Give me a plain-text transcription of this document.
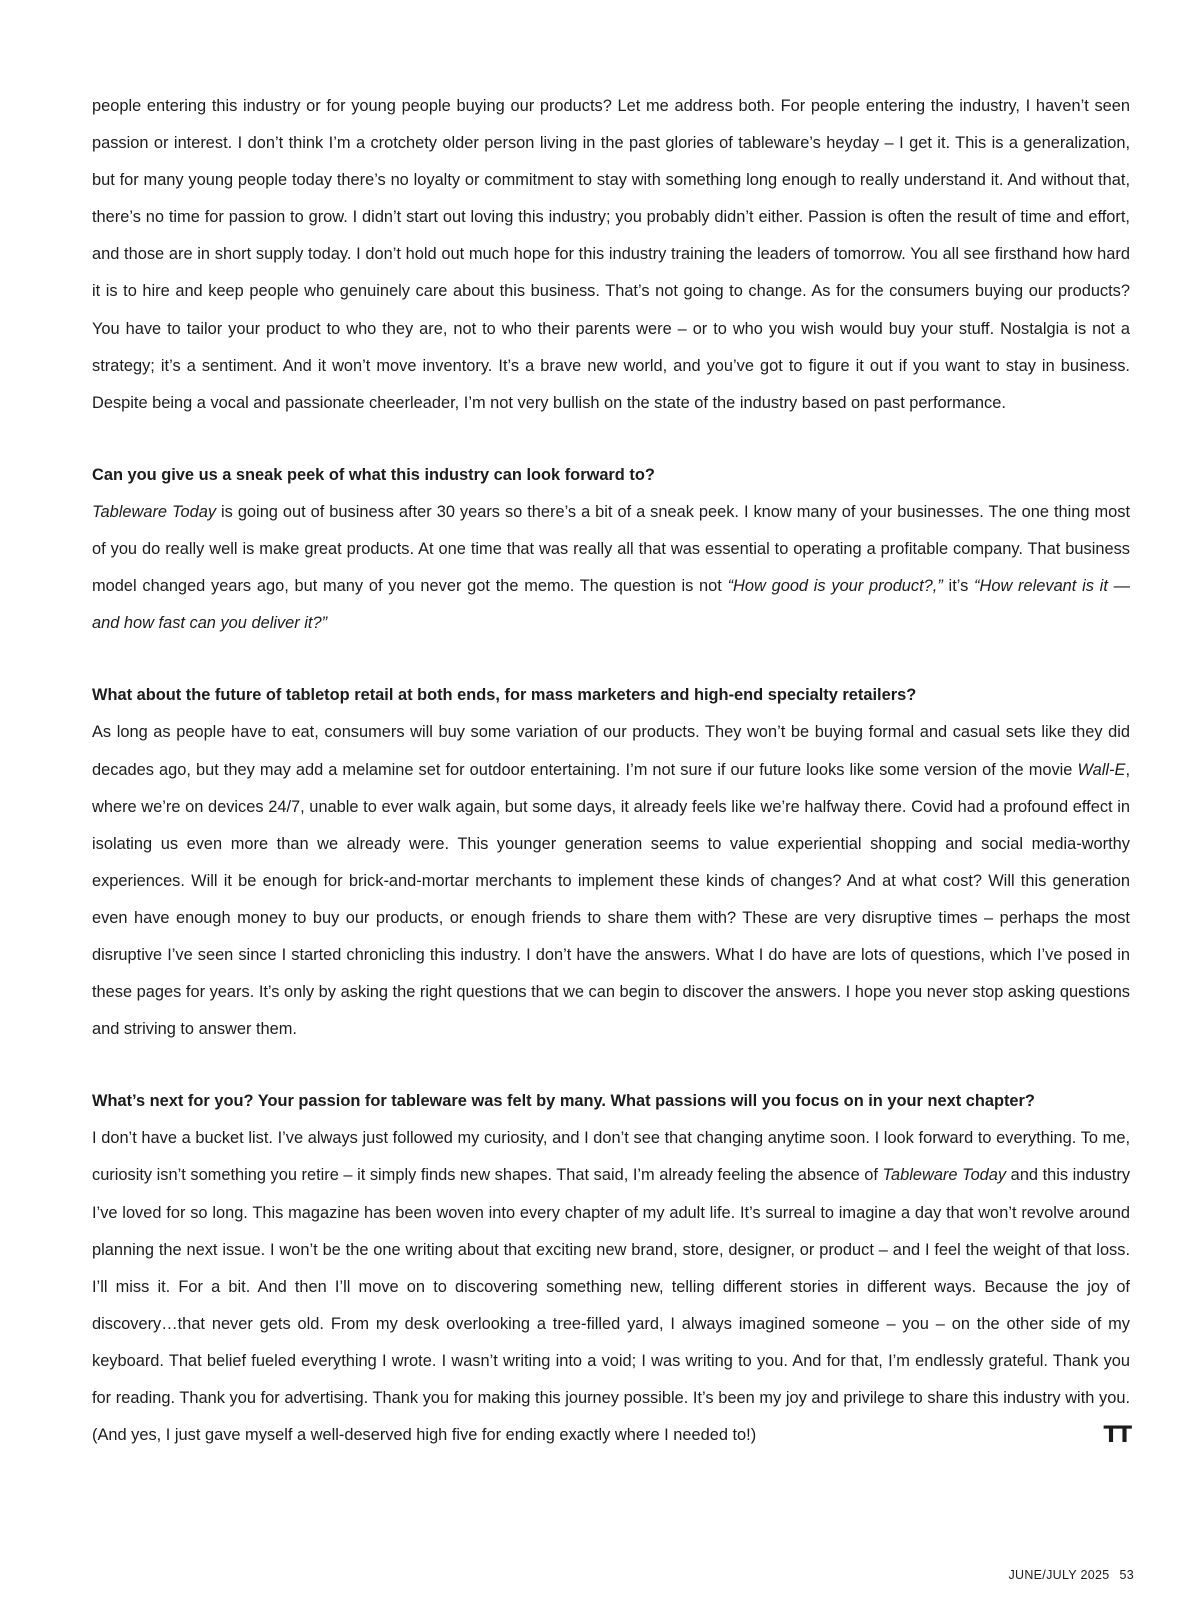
people entering this industry or for young people buying our products? Let me address both. For people entering the industry, I haven’t seen passion or interest. I don’t think I’m a crotchety older person living in the past glories of tableware’s heyday – I get it. This is a generalization, but for many young people today there’s no loyalty or commitment to stay with something long enough to really understand it. And without that, there’s no time for passion to grow. I didn’t start out loving this industry; you probably didn’t either. Passion is often the result of time and effort, and those are in short supply today. I don’t hold out much hope for this industry training the leaders of tomorrow. You all see firsthand how hard it is to hire and keep people who genuinely care about this business. That’s not going to change. As for the consumers buying our products? You have to tailor your product to who they are, not to who their parents were – or to who you wish would buy your stuff. Nostalgia is not a strategy; it’s a sentiment. And it won’t move inventory. It’s a brave new world, and you’ve got to figure it out if you want to stay in business. Despite being a vocal and passionate cheerleader, I’m not very bullish on the state of the industry based on past performance.

Can you give us a sneak peek of what this industry can look forward to?

Tableware Today is going out of business after 30 years so there’s a bit of a sneak peek. I know many of your businesses. The one thing most of you do really well is make great products. At one time that was really all that was essential to operating a profitable company. That business model changed years ago, but many of you never got the memo. The question is not “How good is your product?,” it’s “How relevant is it — and how fast can you deliver it?”

What about the future of tabletop retail at both ends, for mass marketers and high-end specialty retailers?

As long as people have to eat, consumers will buy some variation of our products. They won’t be buying formal and casual sets like they did decades ago, but they may add a melamine set for outdoor entertaining. I’m not sure if our future looks like some version of the movie Wall-E, where we’re on devices 24/7, unable to ever walk again, but some days, it already feels like we’re halfway there. Covid had a profound effect in isolating us even more than we already were. This younger generation seems to value experiential shopping and social media-worthy experiences. Will it be enough for brick-and-mortar merchants to implement these kinds of changes? And at what cost? Will this generation even have enough money to buy our products, or enough friends to share them with? These are very disruptive times – perhaps the most disruptive I’ve seen since I started chronicling this industry. I don’t have the answers. What I do have are lots of questions, which I’ve posed in these pages for years. It’s only by asking the right questions that we can begin to discover the answers. I hope you never stop asking questions and striving to answer them.

What’s next for you? Your passion for tableware was felt by many. What passions will you focus on in your next chapter?

I don’t have a bucket list. I’ve always just followed my curiosity, and I don’t see that changing anytime soon. I look forward to everything. To me, curiosity isn’t something you retire – it simply finds new shapes. That said, I’m already feeling the absence of Tableware Today and this industry I’ve loved for so long. This magazine has been woven into every chapter of my adult life. It’s surreal to imagine a day that won’t revolve around planning the next issue. I won’t be the one writing about that exciting new brand, store, designer, or product – and I feel the weight of that loss. I’ll miss it. For a bit. And then I’ll move on to discovering something new, telling different stories in different ways. Because the joy of discovery…that never gets old. From my desk overlooking a tree-filled yard, I always imagined someone – you – on the other side of my keyboard. That belief fueled everything I wrote. I wasn’t writing into a void; I was writing to you. And for that, I’m endlessly grateful. Thank you for reading. Thank you for advertising. Thank you for making this journey possible. It’s been my joy and privilege to share this industry with you. (And yes, I just gave myself a well-deserved high five for ending exactly where I needed to!)	TT

JUNE/JULY 2025 53
